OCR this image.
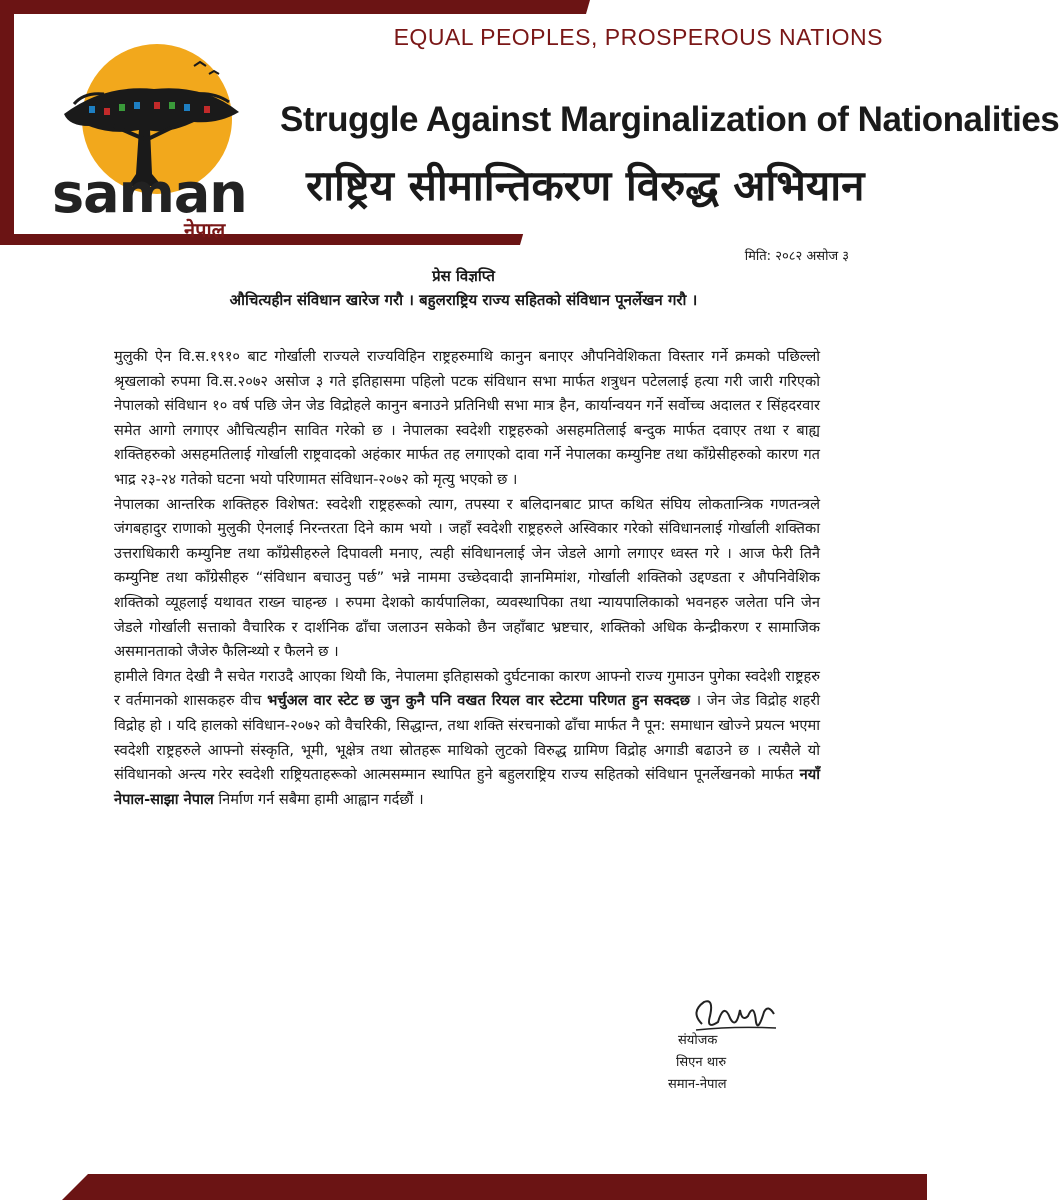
EQUAL PEOPLES, PROSPEROUS NATIONS
saman
नेपाल
Struggle Against Marginalization of Nationalities
राष्ट्रिय सीमान्तिकरण विरुद्ध अभियान
मिति: २०८२ असोज ३
प्रेस विज्ञप्ति
औचित्यहीन संविधान खारेज गरौ । बहुलराष्ट्रिय राज्य सहितको संविधान पूनर्लेखन गरौ ।

मुलुकी ऐन वि.स.१९१० बाट गोर्खाली राज्यले राज्यविहिन राष्ट्रहरुमाथि कानुन बनाएर औपनिवेशिकता विस्तार गर्ने क्रमको पछिल्लो श्रृखलाको रुपमा वि.स.२०७२ असोज ३ गते इतिहासमा पहिलो पटक संविधान सभा मार्फत शत्रुधन पटेललाई हत्या गरी जारी गरिएको नेपालको संविधान १० वर्ष पछि जेन जेड विद्रोहले कानुन बनाउने प्रतिनिधी सभा मात्र हैन, कार्यान्वयन गर्ने सर्वोच्च अदालत र सिंहदरवार समेत आगो लगाएर औचित्यहीन सावित गरेको छ । नेपालका स्वदेशी राष्ट्रहरुको असहमतिलाई बन्दुक मार्फत दवाएर तथा र बाह्य शक्तिहरुको असहमतिलाई गोर्खाली राष्ट्रवादको अहंकार मार्फत तह लगाएको दावा गर्ने नेपालका कम्युनिष्ट तथा काँग्रेसीहरुको कारण गत भाद्र २३-२४ गतेको घटना भयो परिणामत संविधान-२०७२ को मृत्यु भएको छ ।

नेपालका आन्तरिक शक्तिहरु विशेषत: स्वदेशी राष्ट्रहरूको त्याग, तपस्या र बलिदानबाट प्राप्त कथित संघिय लोकतान्त्रिक गणतन्त्रले जंगबहादुर राणाको मुलुकी ऐनलाई निरन्तरता दिने काम भयो । जहाँ स्वदेशी राष्ट्रहरुले अस्विकार गरेको संविधानलाई गोर्खाली शक्तिका उत्तराधिकारी कम्युनिष्ट तथा काँग्रेसीहरुले दिपावली मनाए, त्यही संविधानलाई जेन जेडले आगो लगाएर ध्वस्त गरे । आज फेरी तिनै कम्युनिष्ट तथा काँग्रेसीहरु “संविधान बचाउनु पर्छ” भन्ने नाममा उच्छेदवादी ज्ञानमिमांश, गोर्खाली शक्तिको उद्दण्डता र औपनिवेशिक शक्तिको व्यूहलाई यथावत राख्न चाहन्छ । रुपमा देशको कार्यपालिका, व्यवस्थापिका तथा न्यायपालिकाको भवनहरु जलेता पनि जेन जेडले गोर्खाली सत्ताको वैचारिक र दार्शनिक ढाँचा जलाउन सकेको छैन जहाँबाट भ्रष्टचार, शक्तिको अधिक केन्द्रीकरण र सामाजिक असमानताको जैजेरु फैलिन्थ्यो र फैलने छ ।

हामीले विगत देखी नै सचेत गराउदै आएका थियौ कि, नेपालमा इतिहासको दुर्घटनाका कारण आफ्नो राज्य गुमाउन पुगेका स्वदेशी राष्ट्रहरु र वर्तमानको शासकहरु वीच भर्चुअल वार स्टेट छ जुन कुनै पनि वखत रियल वार स्टेटमा परिणत हुन सक्दछ । जेन जेड विद्रोह शहरी विद्रोह हो । यदि हालको संविधान-२०७२ को वैचरिकी, सिद्धान्त, तथा शक्ति संरचनाको ढाँचा मार्फत नै पून: समाधान खोज्ने प्रयत्न भएमा स्वदेशी राष्ट्रहरुले आफ्नो संस्कृति, भूमी, भूक्षेत्र तथा स्रोतहरू माथिको लुटको विरुद्ध ग्रामिण विद्रोह अगाडी बढाउने छ । त्यसैले यो संविधानको अन्त्य गरेर स्वदेशी राष्ट्रियताहरूको आत्मसम्मान स्थापित हुने बहुलराष्ट्रिय राज्य सहितको संविधान पूनर्लेखनको मार्फत नयाँ नेपाल-साझा नेपाल निर्माण गर्न सबैमा हामी आह्वान गर्दछौं ।

संयोजक
सिएन थारु
समान-नेपाल
